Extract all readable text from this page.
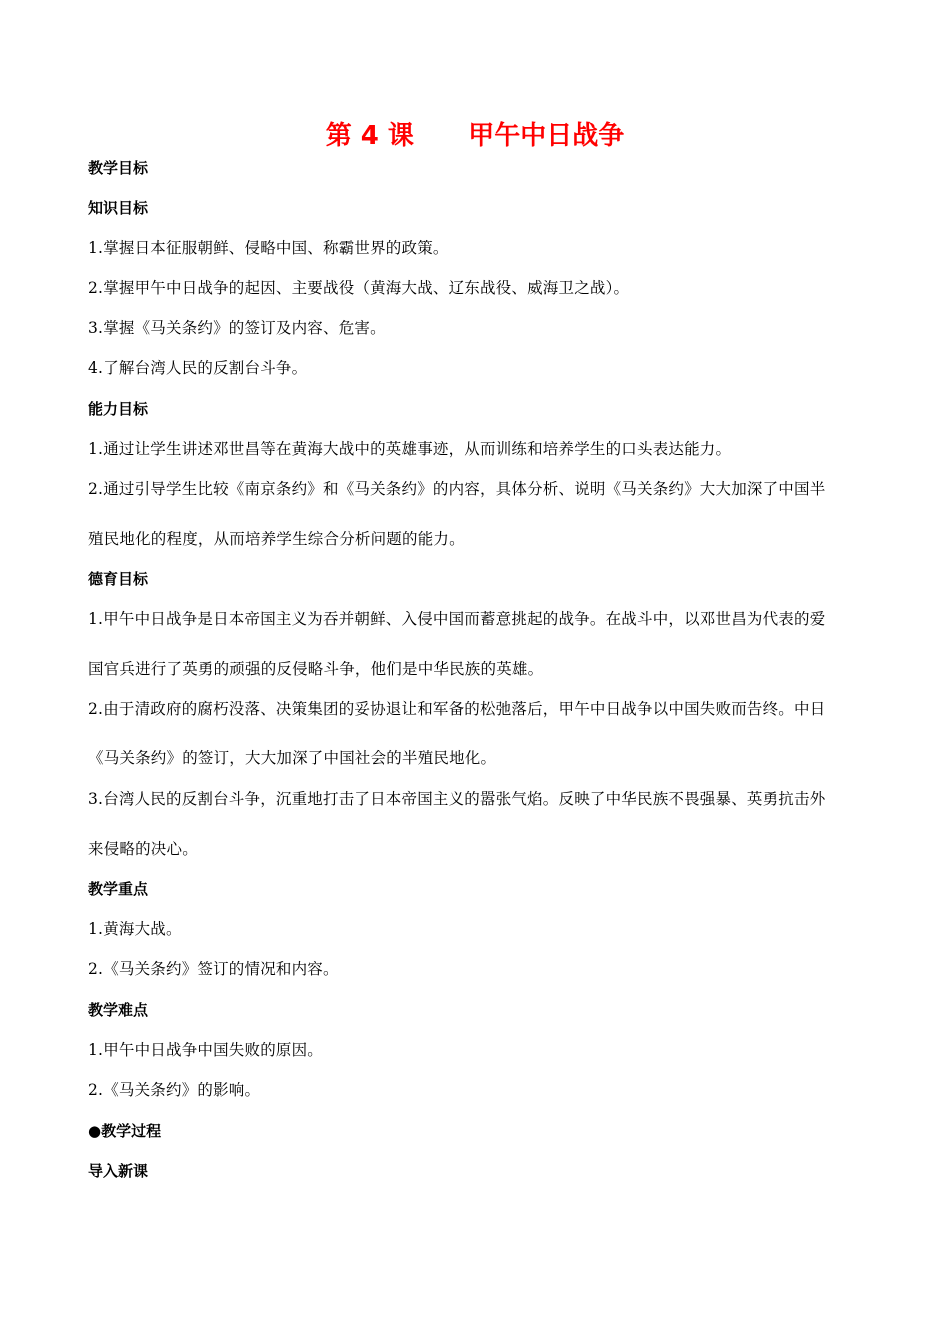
第 4 课      甲午中日战争
教学目标
知识目标
1.掌握日本征服朝鲜、侵略中国、称霸世界的政策。
2.掌握甲午中日战争的起因、主要战役（黄海大战、辽东战役、威海卫之战）。
3.掌握《马关条约》的签订及内容、危害。
4.了解台湾人民的反割台斗争。
能力目标
1.通过让学生讲述邓世昌等在黄海大战中的英雄事迹，从而训练和培养学生的口头表达能力。
2.通过引导学生比较《南京条约》和《马关条约》的内容，具体分析、说明《马关条约》大大加深了中国半
殖民地化的程度，从而培养学生综合分析问题的能力。
德育目标
1.甲午中日战争是日本帝国主义为吞并朝鲜、入侵中国而蓄意挑起的战争。在战斗中，以邓世昌为代表的爱
国官兵进行了英勇的顽强的反侵略斗争，他们是中华民族的英雄。
2.由于清政府的腐朽没落、决策集团的妥协退让和军备的松弛落后，甲午中日战争以中国失败而告终。中日
《马关条约》的签订，大大加深了中国社会的半殖民地化。
3.台湾人民的反割台斗争，沉重地打击了日本帝国主义的嚣张气焰。反映了中华民族不畏强暴、英勇抗击外
来侵略的决心。
教学重点
1.黄海大战。
2.《马关条约》签订的情况和内容。
教学难点
1.甲午中日战争中国失败的原因。
2.《马关条约》的影响。
●教学过程
导入新课
